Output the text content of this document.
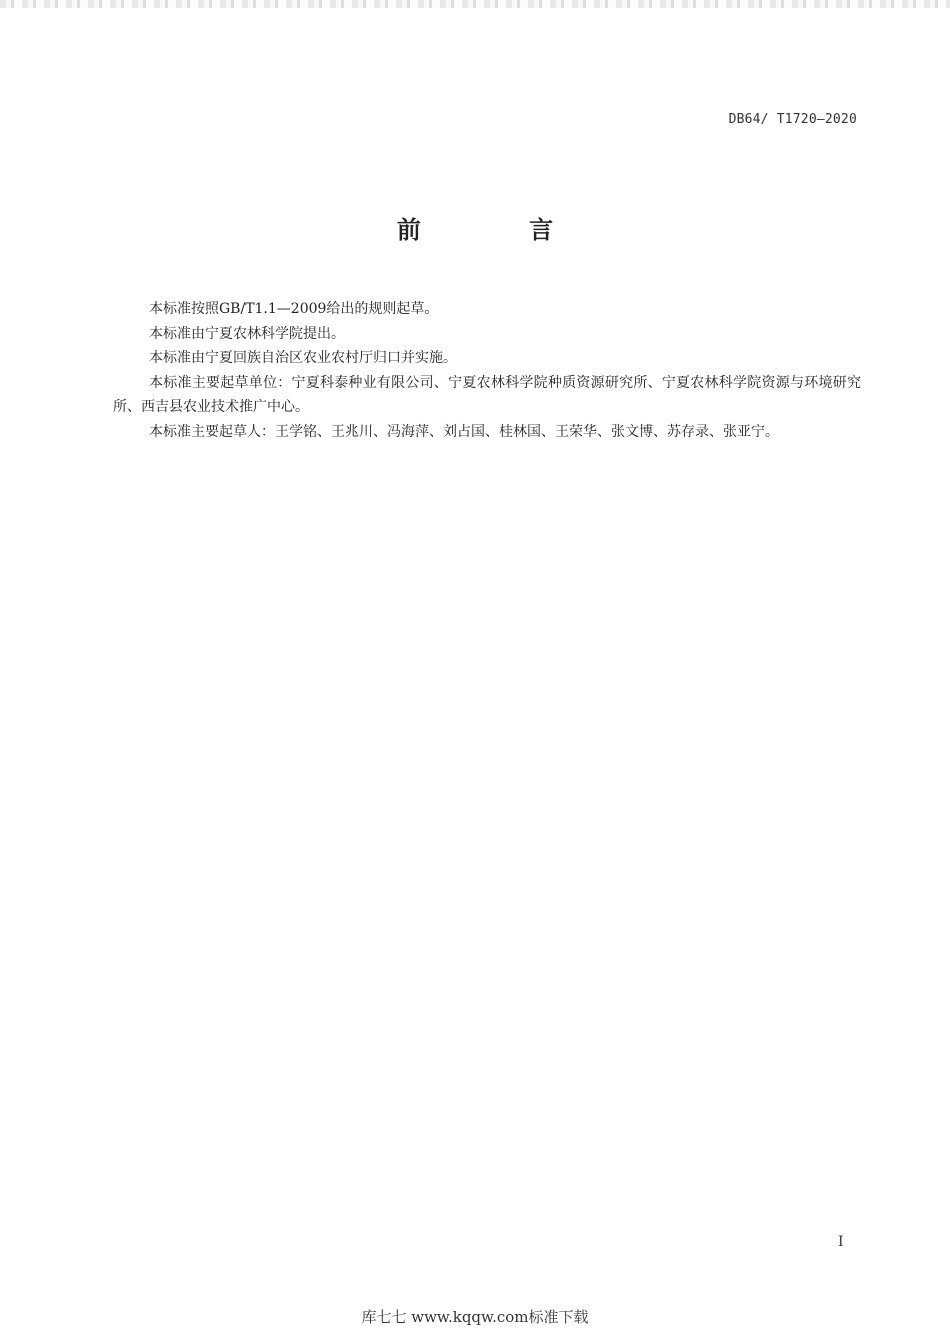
DB64/ T1720—2020
前 言

本标准按照GB/T1.1—2009给出的规则起草。

本标准由宁夏农林科学院提出。

本标准由宁夏回族自治区农业农村厅归口并实施。

本标准主要起草单位：宁夏科泰种业有限公司、宁夏农林科学院种质资源研究所、宁夏农林科学院资源与环境研究所、西吉县农业技术推广中心。

本标准主要起草人：王学铭、王兆川、冯海萍、刘占国、桂林国、王荣华、张文博、苏存录、张亚宁。

I
库七七 www.kqqw.com标准下载
